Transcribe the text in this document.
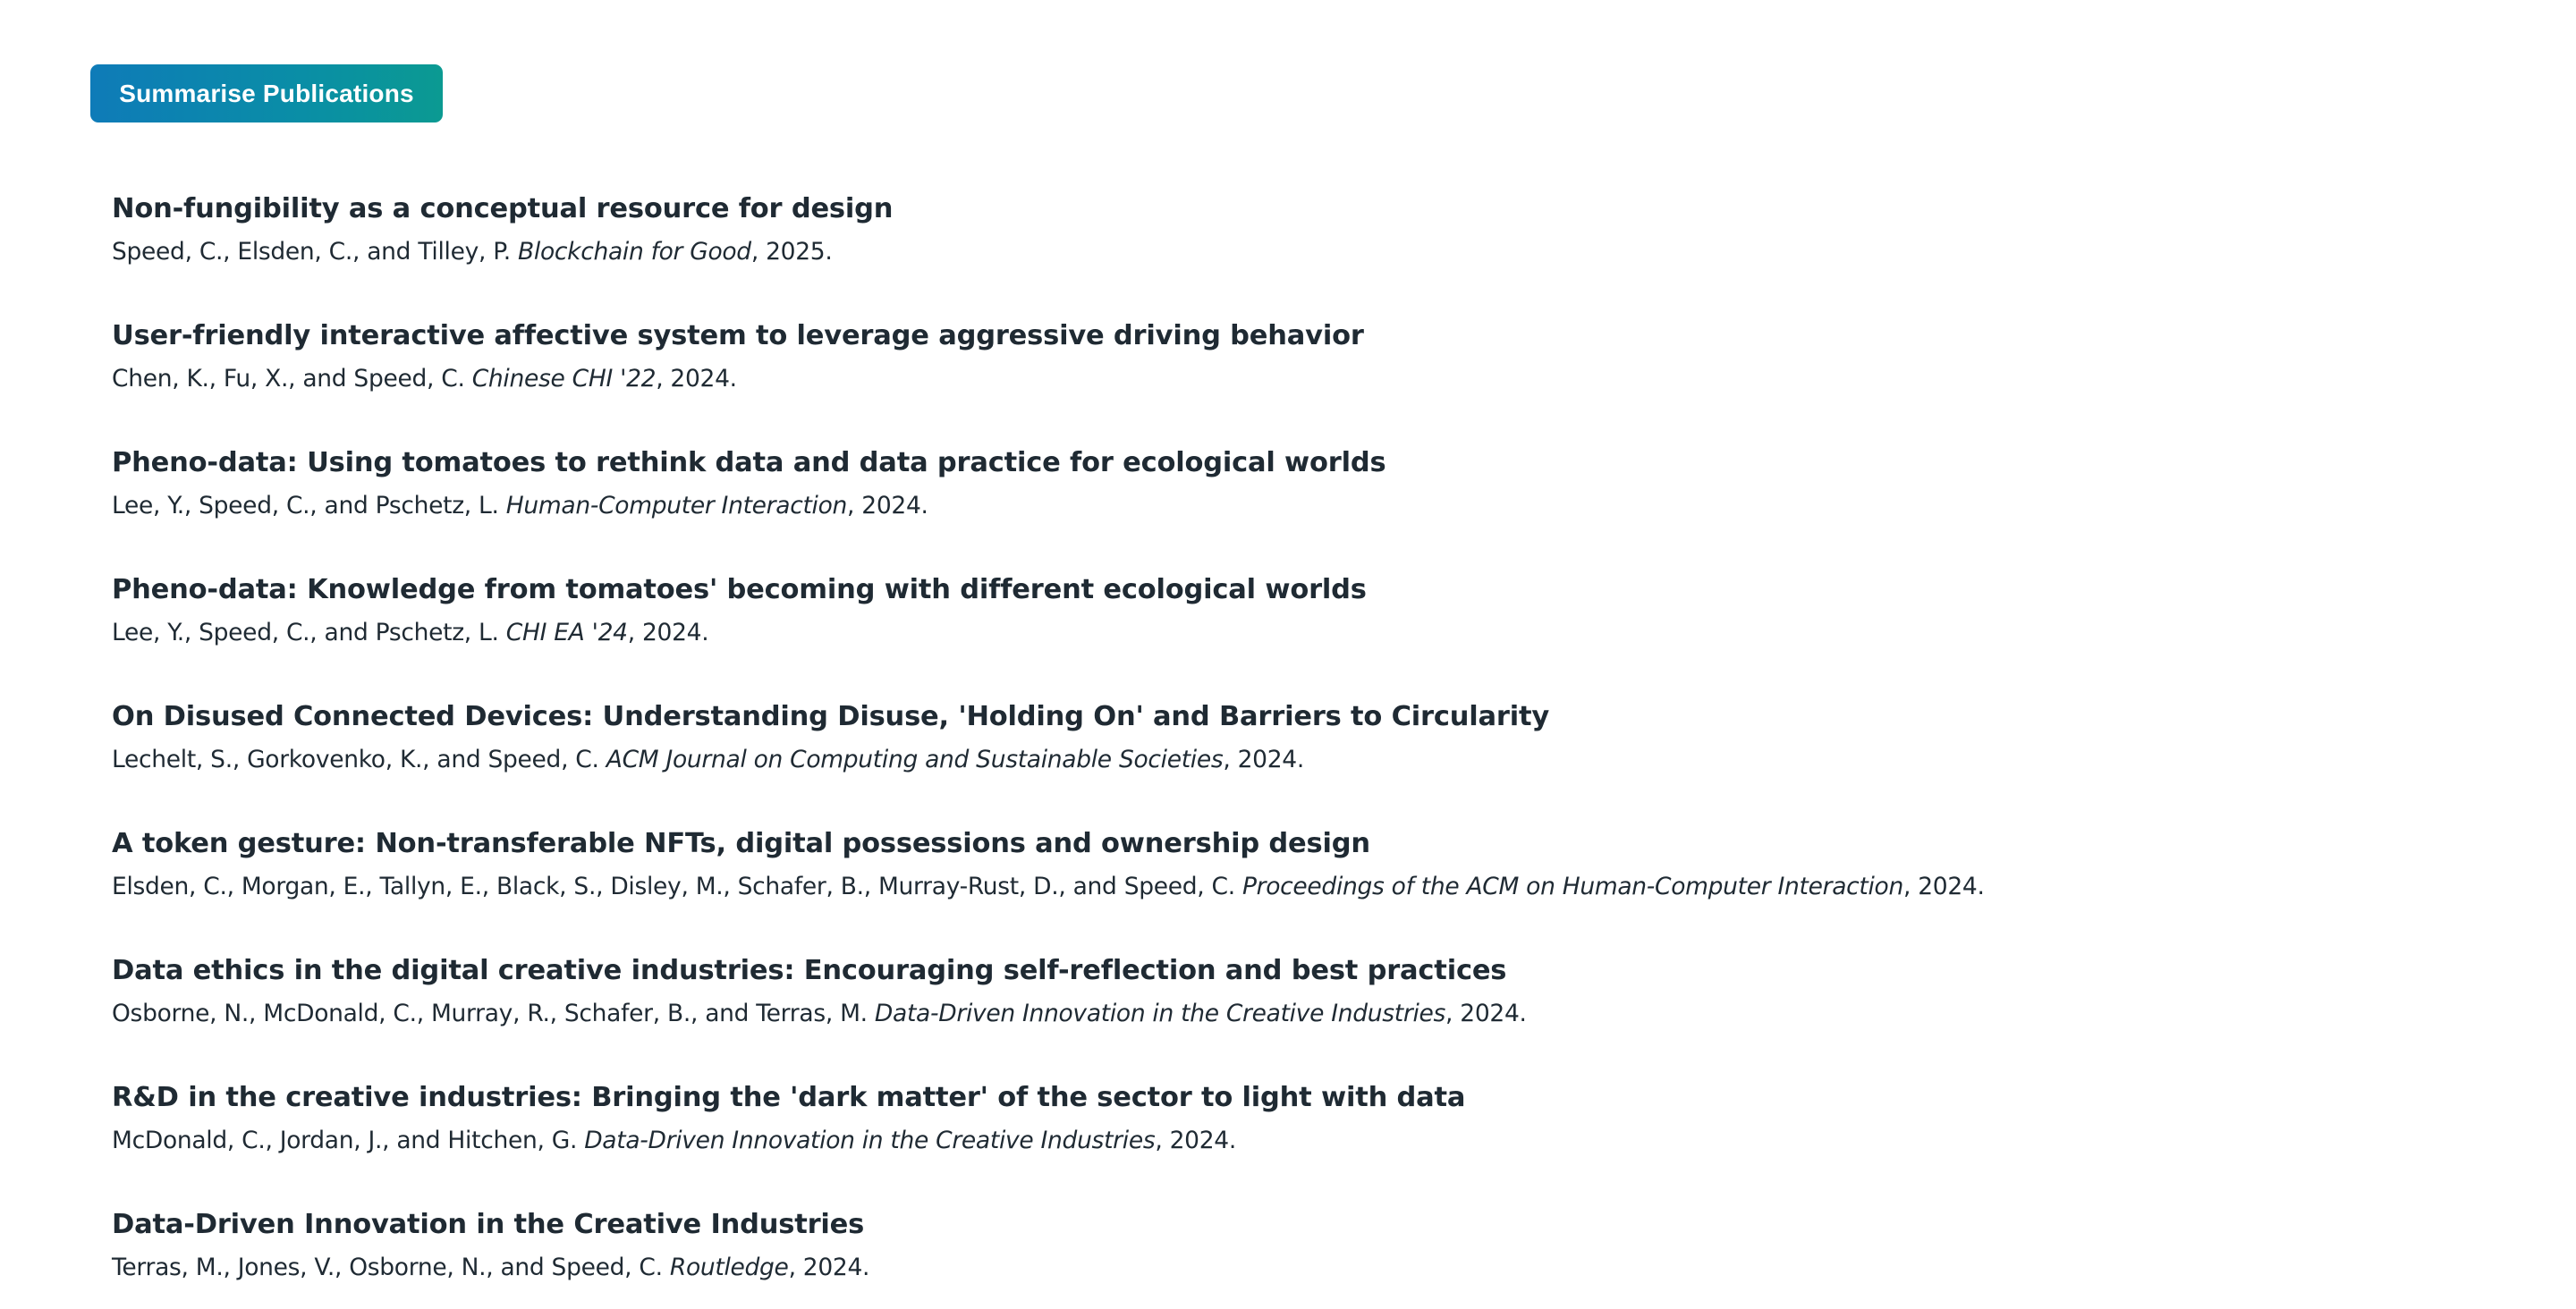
Summarise Publications
Non-fungibility as a conceptual resource for design
Speed, C., Elsden, C., and Tilley, P. Blockchain for Good, 2025.
User-friendly interactive affective system to leverage aggressive driving behavior
Chen, K., Fu, X., and Speed, C. Chinese CHI '22, 2024.
Pheno-data: Using tomatoes to rethink data and data practice for ecological worlds
Lee, Y., Speed, C., and Pschetz, L. Human-Computer Interaction, 2024.
Pheno-data: Knowledge from tomatoes' becoming with different ecological worlds
Lee, Y., Speed, C., and Pschetz, L. CHI EA '24, 2024.
On Disused Connected Devices: Understanding Disuse, 'Holding On' and Barriers to Circularity
Lechelt, S., Gorkovenko, K., and Speed, C. ACM Journal on Computing and Sustainable Societies, 2024.
A token gesture: Non-transferable NFTs, digital possessions and ownership design
Elsden, C., Morgan, E., Tallyn, E., Black, S., Disley, M., Schafer, B., Murray-Rust, D., and Speed, C. Proceedings of the ACM on Human-Computer Interaction, 2024.
Data ethics in the digital creative industries: Encouraging self-reflection and best practices
Osborne, N., McDonald, C., Murray, R., Schafer, B., and Terras, M. Data-Driven Innovation in the Creative Industries, 2024.
R&D in the creative industries: Bringing the 'dark matter' of the sector to light with data
McDonald, C., Jordan, J., and Hitchen, G. Data-Driven Innovation in the Creative Industries, 2024.
Data-Driven Innovation in the Creative Industries
Terras, M., Jones, V., Osborne, N., and Speed, C. Routledge, 2024.
